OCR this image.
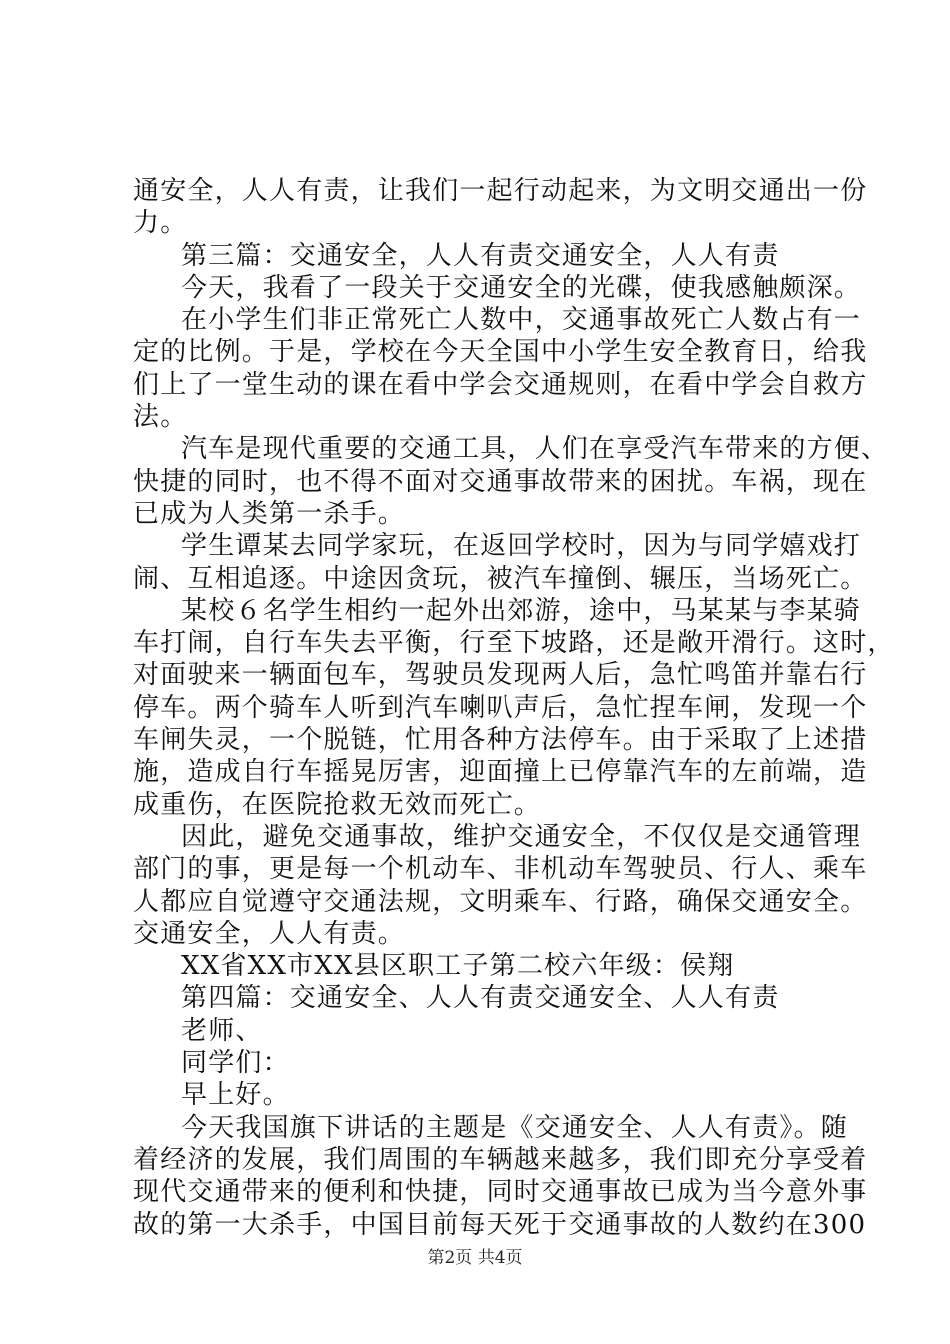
通安全，人人有责，让我们一起行动起来，为文明交通出一份
力。
第三篇：交通安全，人人有责交通安全，人人有责
今天，我看了一段关于交通安全的光碟，使我感触颇深。
在小学生们非正常死亡人数中，交通事故死亡人数占有一
定的比例。于是，学校在今天全国中小学生安全教育日，给我
们上了一堂生动的课在看中学会交通规则，在看中学会自救方
法。
汽车是现代重要的交通工具，人们在享受汽车带来的方便、
快捷的同时，也不得不面对交通事故带来的困扰。车祸，现在
已成为人类第一杀手。
学生谭某去同学家玩，在返回学校时，因为与同学嬉戏打
闹、互相追逐。中途因贪玩，被汽车撞倒、辗压，当场死亡。
某校６名学生相约一起外出郊游，途中，马某某与李某骑
车打闹，自行车失去平衡，行至下坡路，还是敞开滑行。这时，
对面驶来一辆面包车，驾驶员发现两人后，急忙鸣笛并靠右行
停车。两个骑车人听到汽车喇叭声后，急忙捏车闸，发现一个
车闸失灵，一个脱链，忙用各种方法停车。由于采取了上述措
施，造成自行车摇晃厉害，迎面撞上已停靠汽车的左前端，造
成重伤，在医院抢救无效而死亡。
因此，避免交通事故，维护交通安全，不仅仅是交通管理
部门的事，更是每一个机动车、非机动车驾驶员、行人、乘车
人都应自觉遵守交通法规，文明乘车、行路，确保交通安全。
交通安全，人人有责。
XX省XX市XX县区职工子第二校六年级：侯翔
第四篇：交通安全、人人有责交通安全、人人有责
老师、
同学们：
早上好。
今天我国旗下讲话的主题是《交通安全、人人有责》。随
着经济的发展，我们周围的车辆越来越多，我们即充分享受着
现代交通带来的便利和快捷，同时交通事故已成为当今意外事
故的第一大杀手，中国目前每天死于交通事故的人数约在300
第2页 共4页
